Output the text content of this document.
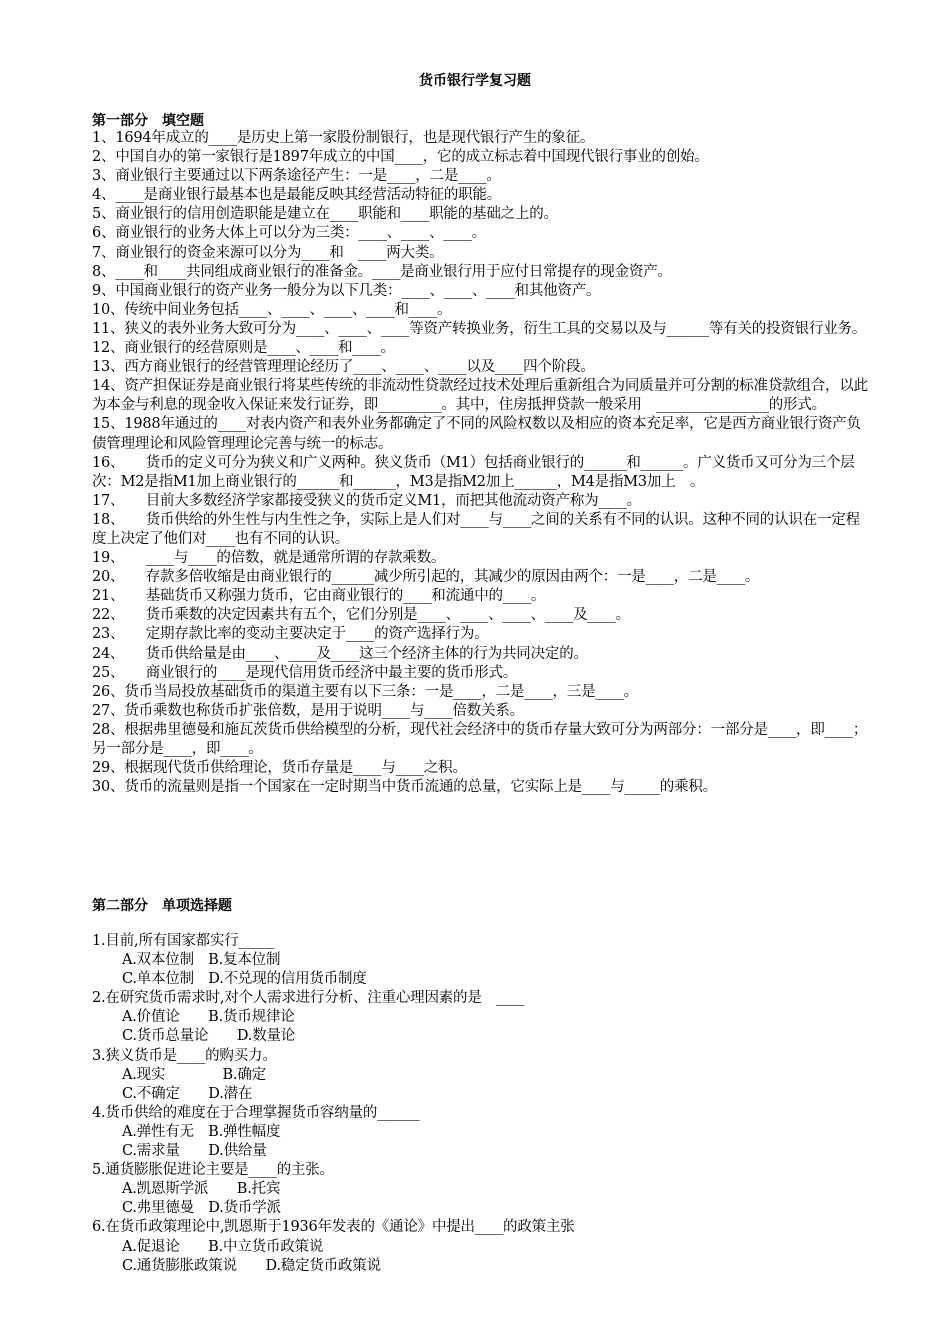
货币银行学复习题
第一部分　填空题
1、1694年成立的____是历史上第一家股份制银行，也是现代银行产生的象征。
2、中国自办的第一家银行是1897年成立的中国____，它的成立标志着中国现代银行事业的创始。
3、商业银行主要通过以下两条途径产生：一是____，二是____。
4、____是商业银行最基本也是最能反映其经营活动特征的职能。
5、商业银行的信用创造职能是建立在____职能和____职能的基础之上的。
6、商业银行的业务大体上可以分为三类：____、____、____。
7、商业银行的资金来源可以分为____和　____两大类。
8、____和____共同组成商业银行的准备金。____是商业银行用于应付日常提存的现金资产。
9、中国商业银行的资产业务一般分为以下几类：____、____、____和其他资产。
10、传统中间业务包括____、____、____、____和____。
11、狭义的表外业务大致可分为____、____、____等资产转换业务，衍生工具的交易以及与______等有关的投资银行业务。
12、商业银行的经营原则是____、____和____。
13、西方商业银行的经营管理理论经历了____、____、____以及____四个阶段。
14、资产担保证券是商业银行将某些传统的非流动性贷款经过技术处理后重新组合为同质量并可分割的标准贷款组合，以此为本金与利息的现金收入保证来发行证券，即_________。其中，住房抵押贷款一般采用　________________的形式。
15、1988年通过的____对表内资产和表外业务都确定了不同的风险权数以及相应的资本充足率，它是西方商业银行资产负债管理理论和风险管理理论完善与统一的标志。
16、　　货币的定义可分为狭义和广义两种。狭义货币（M1）包括商业银行的______和______。广义货币又可分为三个层次：M2是指M1加上商业银行的______和______，M3是指M2加上______，M4是指M3加上　。
17、　　目前大多数经济学家都接受狭义的货币定义M1，而把其他流动资产称为____。
18、　　货币供给的外生性与内生性之争，实际上是人们对____与____之间的关系有不同的认识。这种不同的认识在一定程度上决定了他们对____也有不同的认识。
19、　　____与____的倍数，就是通常所谓的存款乘数。
20、　　存款多倍收缩是由商业银行的______减少所引起的，其减少的原因由两个：一是____，二是____。
21、　　基础货币又称强力货币，它由商业银行的____和流通中的____。
22、　　货币乘数的决定因素共有五个，它们分别是____、____、____、____及____。
23、　　定期存款比率的变动主要决定于____的资产选择行为。
24、　　货币供给量是由____、____及____这三个经济主体的行为共同决定的。
25、　　商业银行的____是现代信用货币经济中最主要的货币形式。
26、货币当局投放基础货币的渠道主要有以下三条：一是____，二是____，三是____。
27、货币乘数也称货币扩张倍数，是用于说明____与____倍数关系。
28、根据弗里德曼和施瓦茨货币供给模型的分析，现代社会经济中的货币存量大致可分为两部分：一部分是____，即____；另一部分是____，即____。
29、根据现代货币供给理论，货币存量是____与____之积。
30、货币的流量则是指一个国家在一定时期当中货币流通的总量，它实际上是____与_____的乘积。
第二部分　单项选择题
1.目前,所有国家都实行_____
A.双本位制　B.复本位制
C.单本位制　D.不兑现的信用货币制度
2.在研究货币需求时,对个人需求进行分析、注重心理因素的是　____
A.价值论　　B.货币规律论
C.货币总量论　　D.数量论
3.狭义货币是____的购买力。
A.现实　　　　B.确定
C.不确定　　D.潜在
4.货币供给的难度在于合理掌握货币容纳量的______
A.弹性有无　B.弹性幅度
C.需求量　　D.供给量
5.通货膨胀促进论主要是____的主张。
A.凯恩斯学派　　B.托宾
C.弗里德曼　D.货币学派
6.在货币政策理论中,凯恩斯于1936年发表的《通论》中提出____的政策主张
A.促退论　　B.中立货币政策说
C.通货膨胀政策说　　D.稳定货币政策说
